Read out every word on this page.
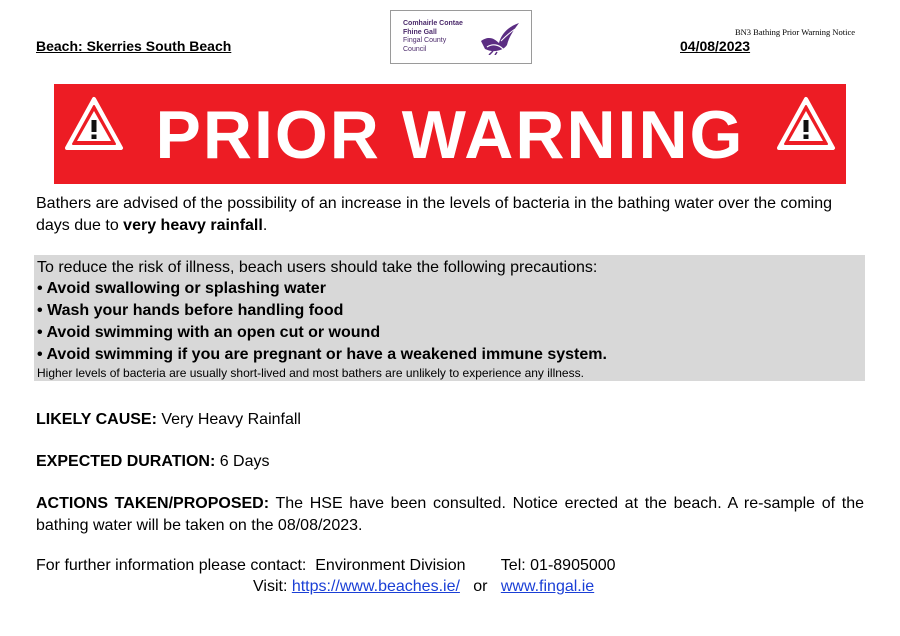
Beach: Skerries South Beach
BN3 Bathing Prior Warning Notice
04/08/2023
Comhairle Contae
Fhine Gall
Fingal County
Council
PRIOR WARNING
Bathers are advised of the possibility of an increase in the levels of bacteria in the bathing water over the coming days due to very heavy rainfall.
To reduce the risk of illness, beach users should take the following precautions:
• Avoid swallowing or splashing water
• Wash your hands before handling food
• Avoid swimming with an open cut or wound
• Avoid swimming if you are pregnant or have a weakened immune system.
Higher levels of bacteria are usually short-lived and most bathers are unlikely to experience any illness.
LIKELY CAUSE: Very Heavy Rainfall
EXPECTED DURATION: 6 Days
ACTIONS TAKEN/PROPOSED: The HSE have been consulted. Notice erected at the beach. A re-sample of the bathing water will be taken on the 08/08/2023.
For further information please contact:  Environment Division        Tel: 01-8905000
Visit: https://www.beaches.ie/   or   www.fingal.ie
